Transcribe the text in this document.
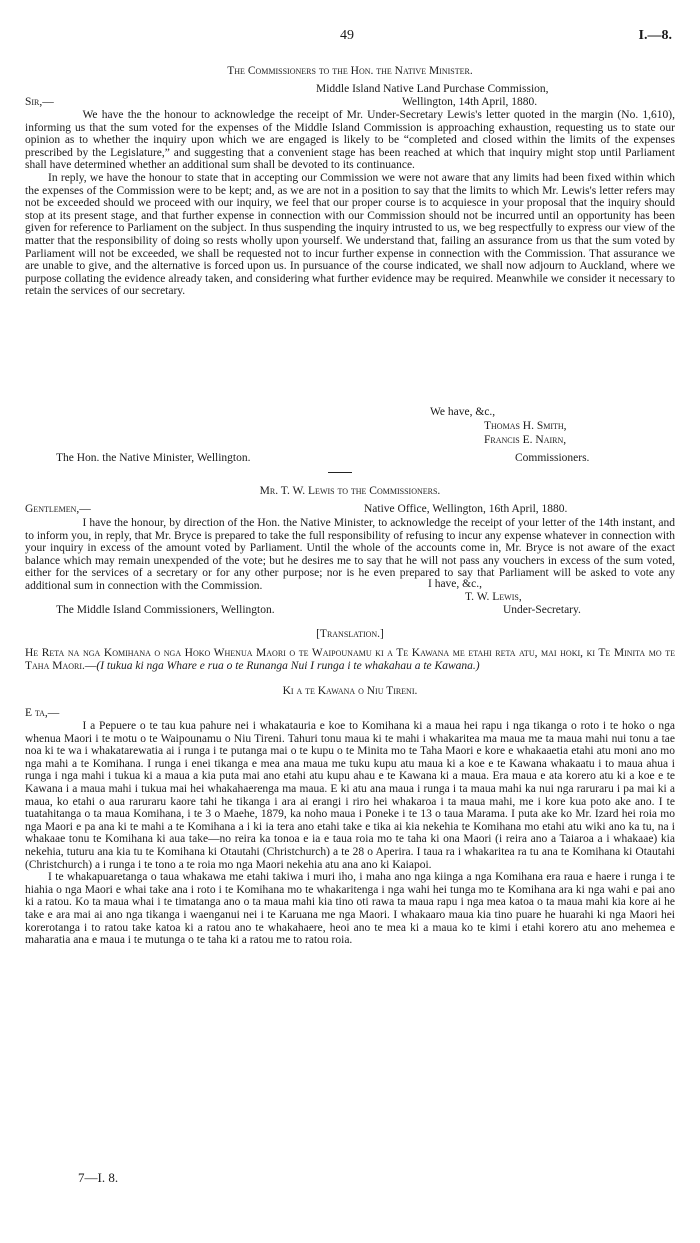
49	I.—8.
The Commissioners to the Hon. the Native Minister.
Middle Island Native Land Purchase Commission,
Sir,—	Wellington, 14th April, 1880.

We have the the honour to acknowledge the receipt of Mr. Under-Secretary Lewis's letter quoted in the margin (No. 1,610), informing us that the sum voted for the expenses of the Middle Island Commission is approaching exhaustion, requesting us to state our opinion as to whether the inquiry upon which we are engaged is likely to be “completed and closed within the limits of the expenses prescribed by the Legislature,” and suggesting that a convenient stage has been reached at which that inquiry might stop until Parliament shall have determined whether an additional sum shall be devoted to its continuance.

In reply, we have the honour to state that in accepting our Commission we were not aware that any limits had been fixed within which the expenses of the Commission were to be kept; and, as we are not in a position to say that the limits to which Mr. Lewis's letter refers may not be exceeded should we proceed with our inquiry, we feel that our proper course is to acquiesce in your proposal that the inquiry should stop at its present stage, and that further expense in connection with our Commission should not be incurred until an opportunity has been given for reference to Parliament on the subject. In thus suspending the inquiry intrusted to us, we beg respectfully to express our view of the matter that the responsibility of doing so rests wholly upon yourself. We understand that, failing an assurance from us that the sum voted by Parliament will not be exceeded, we shall be requested not to incur further expense in connection with the Commission. That assurance we are unable to give, and the alternative is forced upon us. In pursuance of the course indicated, we shall now adjourn to Auckland, where we purpose collating the evidence already taken, and considering what further evidence may be required. Meanwhile we consider it necessary to retain the services of our secretary.

We have, &c.,
Thomas H. Smith,
Francis E. Nairn,
The Hon. the Native Minister, Wellington.	Commissioners.
Mr. T. W. Lewis to the Commissioners.
Gentlemen,—	Native Office, Wellington, 16th April, 1880.

I have the honour, by direction of the Hon. the Native Minister, to acknowledge the receipt of your letter of the 14th instant, and to inform you, in reply, that Mr. Bryce is prepared to take the full responsibility of refusing to incur any expense whatever in connection with your inquiry in excess of the amount voted by Parliament. Until the whole of the accounts come in, Mr. Bryce is not aware of the exact balance which may remain unexpended of the vote; but he desires me to say that he will not pass any vouchers in excess of the sum voted, either for the services of a secretary or for any other purpose; nor is he even prepared to say that Parliament will be asked to vote any additional sum in connection with the Commission.	I have, &c.,
T. W. Lewis,
The Middle Island Commissioners, Wellington.	Under-Secretary.
[Translation.]
He Reta na nga Komihana o nga Hoko Whenua Maori o te Waipounamu ki a Te Kawana me etahi reta atu, mai hoki, ki Te Minita mo te Taha Maori.—(I tukua ki nga Whare e rua o te Runanga Nui I runga i te whakahau a te Kawana.)
Ki a te Kawana o Niu Tireni.
E ta,—

I a Pepuere o te tau kua pahure nei i whakatauria e koe to Komihana ki a maua hei rapu i nga tikanga o roto i te hoko o nga whenua Maori i te motu o te Waipounamu o Niu Tireni. Tahuri tonu maua ki te mahi i whakaritea ma maua me ta maua mahi nui tonu a tae noa ki te wa i whakatarewatia ai i runga i te putanga mai o te kupu o te Minita mo te Taha Maori e kore e whakaaetia etahi atu moni ano mo nga mahi a te Komihana. I runga i enei tikanga e mea ana maua me tuku kupu atu maua ki a koe e te Kawana whakaatu i to maua ahua i runga i nga mahi i tukua ki a maua a kia puta mai ano etahi atu kupu ahau e te Kawana ki a maua. Era maua e ata korero atu ki a koe e te Kawana i a maua mahi i tukua mai hei whakahaerenga ma maua. E ki atu ana maua i runga i ta maua mahi ka nui nga raruraru i pa mai ki a maua, ko etahi o aua raruraru kaore tahi he tikanga i ara ai erangi i riro hei whakaroa i ta maua mahi, me i kore kua poto ake ano. I te tuatahitanga o ta maua Komihana, i te 3 o Maehe, 1879, ka noho maua i Poneke i te 13 o taua Marama. I puta ake ko Mr. Izard hei roia mo nga Maori e pa ana ki te mahi a te Komihana a i ki ia tera ano etahi take e tika ai kia nekehia te Komihana mo etahi atu wiki ano ka tu, na i whakaae tonu te Komihana ki aua take—no reira ka tonoa e ia e taua roia mo te taha ki ona Maori (i reira ano a Taiaroa a i whakaae) kia nekehia, tuturu ana kia tu te Komihana ki Otautahi (Christchurch) a te 28 o Aperira. I taua ra i whakaritea ra tu ana te Komihana ki Otautahi (Christchurch) a i runga i te tono a te roia mo nga Maori nekehia atu ana ano ki Kaiapoi.

I te whakapuaretanga o taua whakawa me etahi takiwa i muri iho, i maha ano nga kiinga a nga Komihana era raua e haere i runga i te hiahia o nga Maori e whai take ana i roto i te Komihana mo te whakaritenga i nga wahi hei tunga mo te Komihana ara ki nga wahi e pai ano ki a ratou. Ko ta maua whai i te timatanga ano o ta maua mahi kia tino oti rawa ta maua rapu i nga mea katoa o ta maua mahi kia kore ai he take e ara mai ai ano nga tikanga i waenganui nei i te Karuana me nga Maori. I whakaaro maua kia tino puare he huarahi ki nga Maori hei korerotanga i to ratou take katoa ki a ratou ano te whakahaere, heoi ano te mea ki a maua ko te kimi i etahi korero atu ano mehemea e maharatia ana e maua i te mutunga o te taha ki a ratou me to ratou roia.

7—I. 8.
